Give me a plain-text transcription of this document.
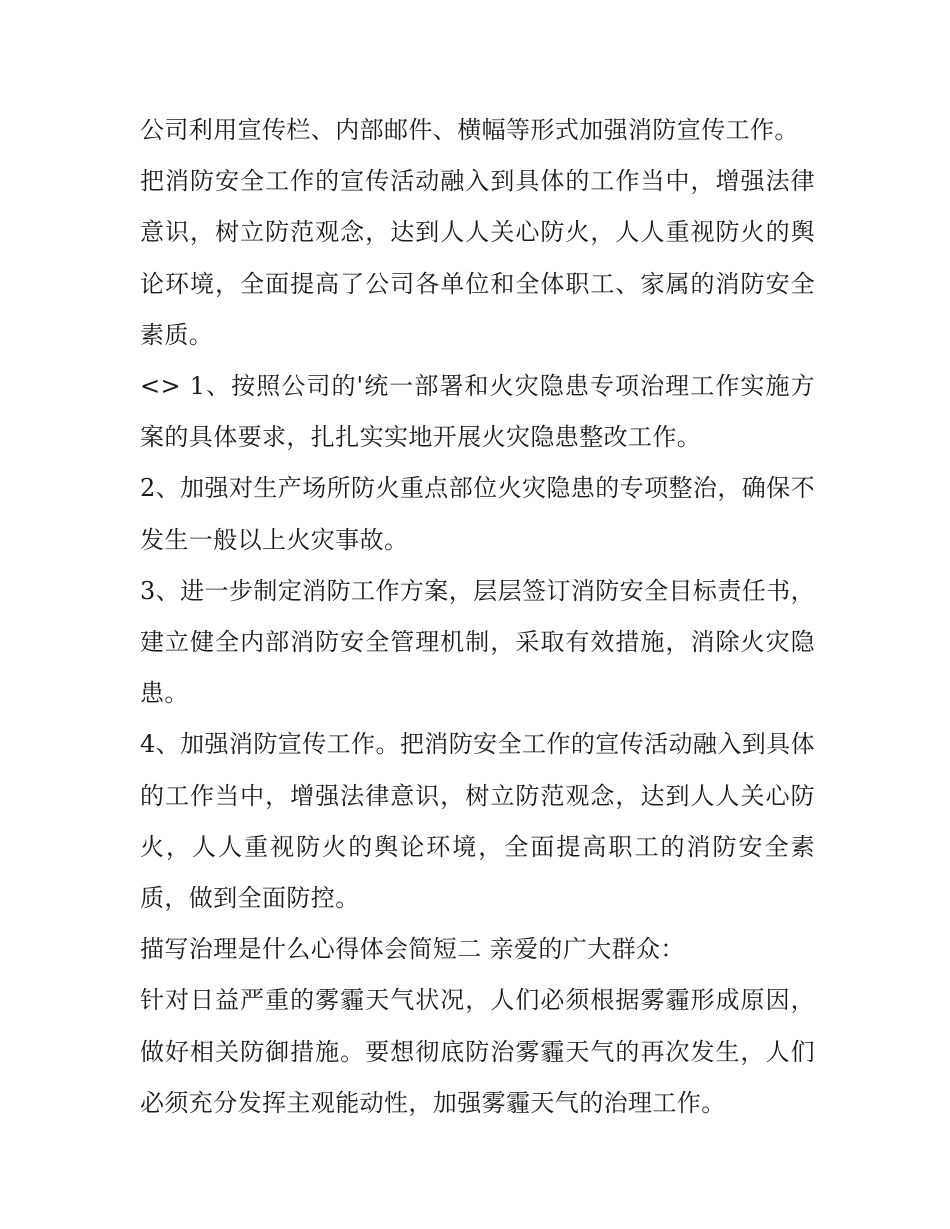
公司利用宣传栏、内部邮件、横幅等形式加强消防宣传工作。

把消防安全工作的宣传活动融入到具体的工作当中，增强法律意识，树立防范观念，达到人人关心防火，人人重视防火的舆论环境，全面提高了公司各单位和全体职工、家属的消防安全素质。

<> 1、按照公司的'统一部署和火灾隐患专项治理工作实施方案的具体要求，扎扎实实地开展火灾隐患整改工作。

2、加强对生产场所防火重点部位火灾隐患的专项整治，确保不发生一般以上火灾事故。

3、进一步制定消防工作方案，层层签订消防安全目标责任书，建立健全内部消防安全管理机制，采取有效措施，消除火灾隐患。

4、加强消防宣传工作。把消防安全工作的宣传活动融入到具体的工作当中，增强法律意识，树立防范观念，达到人人关心防火，人人重视防火的舆论环境，全面提高职工的消防安全素质，做到全面防控。

描写治理是什么心得体会简短二 亲爱的广大群众：

针对日益严重的雾霾天气状况，人们必须根据雾霾形成原因，做好相关防御措施。要想彻底防治雾霾天气的再次发生，人们必须充分发挥主观能动性，加强雾霾天气的治理工作。
